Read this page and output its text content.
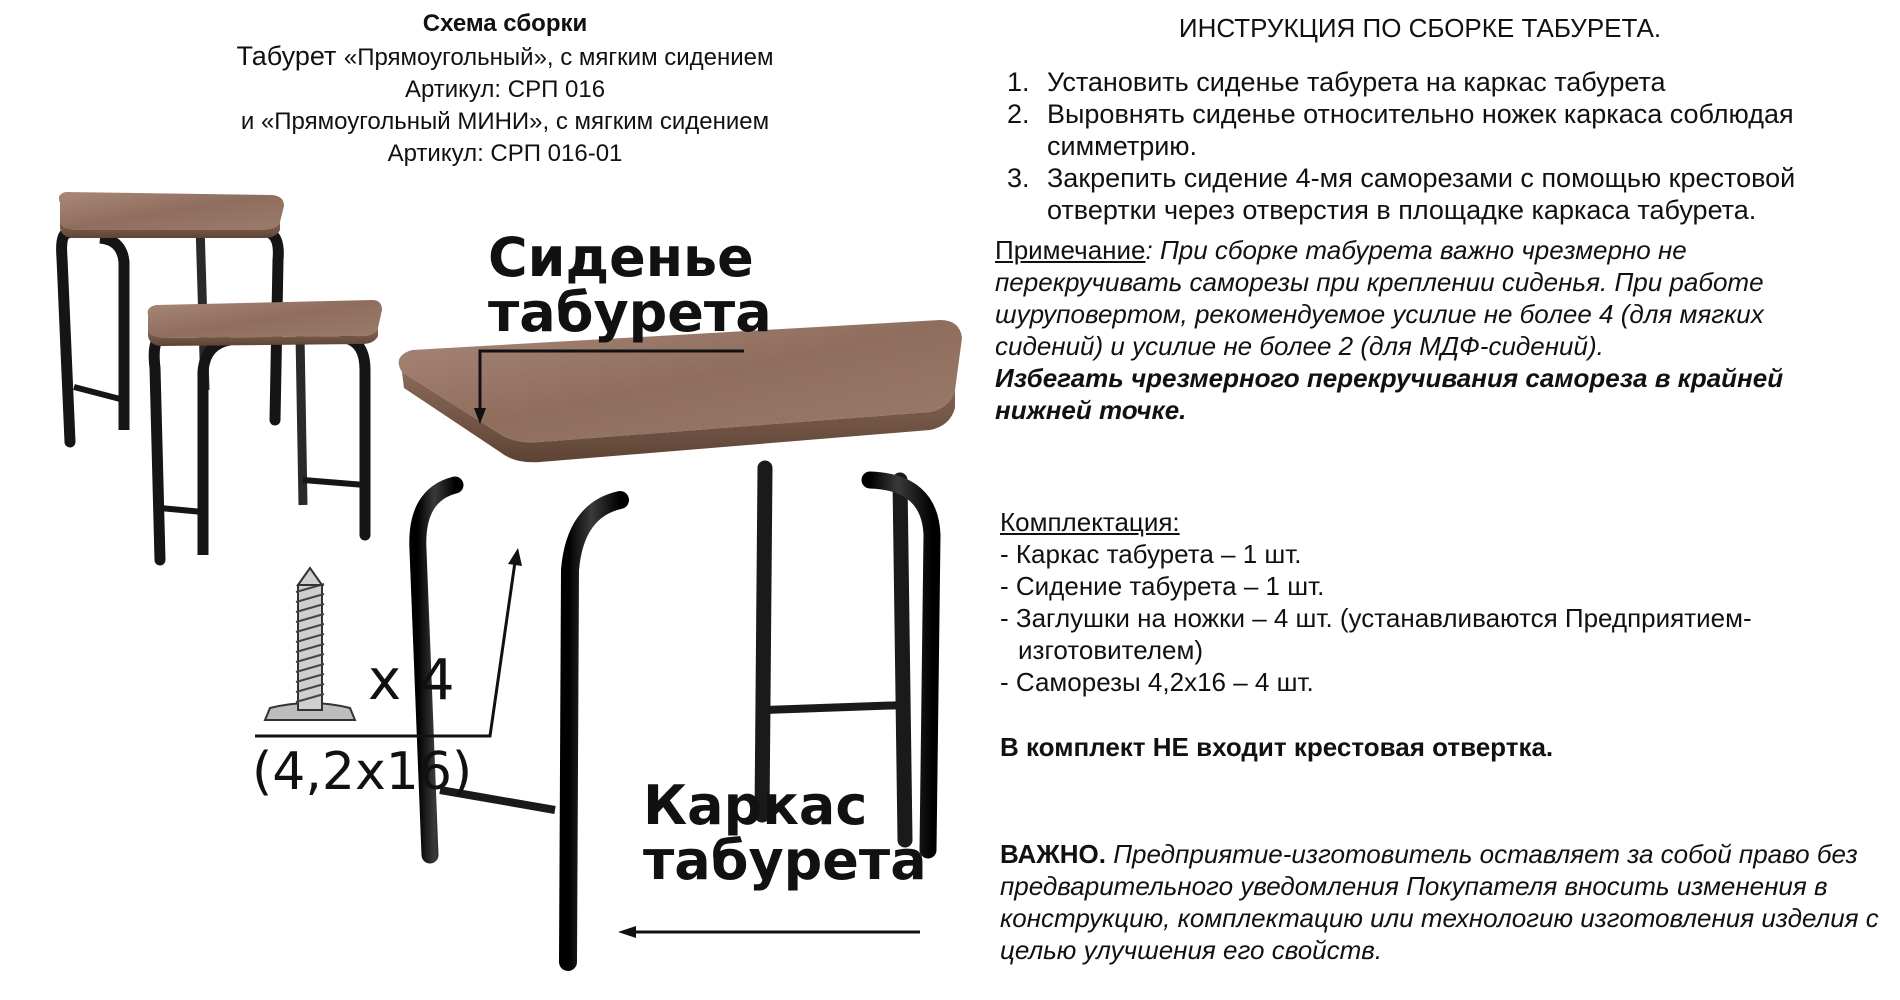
Схема сборки
Табурет «Прямоугольный», с мягким сидением
Артикул: СРП 016
и «Прямоугольный МИНИ», с мягким сидением
Артикул: СРП 016-01
Сиденье
табурета
Каркас
табурета
x 4
(4,2x16)
ИНСТРУКЦИЯ ПО СБОРКЕ ТАБУРЕТА.
1. Установить сиденье табурета на каркас табурета
2. Выровнять сиденье относительно ножек каркаса соблюдая симметрию.
3. Закрепить сидение 4-мя саморезами с помощью крестовой отвертки через отверстия в площадке каркаса табурета.
Примечание: При сборке табурета важно чрезмерно не перекручивать саморезы при креплении сиденья. При работе шуруповертом, рекомендуемое усилие не более 4 (для мягких сидений) и усилие не более 2 (для МДФ-сидений).
Избегать чрезмерного перекручивания самореза в крайней нижней точке.
Комплектация:
- Каркас табурета – 1 шт.
- Сидение табурета – 1 шт.
- Заглушки на ножки – 4 шт. (устанавливаются Предприятием-
изготовителем)
- Саморезы 4,2x16 – 4 шт.
В комплект НЕ входит крестовая отвертка.
ВАЖНО. Предприятие-изготовитель оставляет за собой право без предварительного уведомления Покупателя вносить изменения в конструкцию, комплектацию или технологию изготовления изделия с целью улучшения его свойств.
